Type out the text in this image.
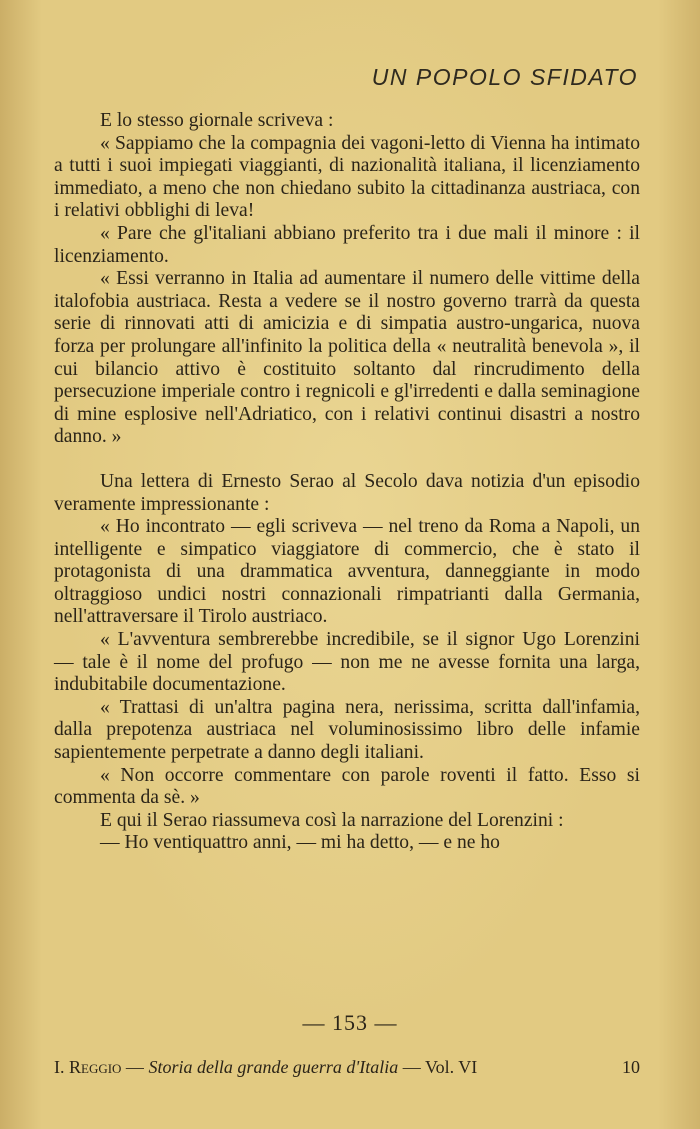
UN POPOLO SFIDATO

E lo stesso giornale scriveva :

« Sappiamo che la compagnia dei vagoni-letto di Vienna ha intimato a tutti i suoi impiegati viaggianti, di nazionalità italiana, il licenziamento immediato, a meno che non chiedano subito la cittadinanza austriaca, con i relativi obblighi di leva!

« Pare che gl'italiani abbiano preferito tra i due mali il minore : il licenziamento.

« Essi verranno in Italia ad aumentare il numero delle vittime della italofobia austriaca. Resta a vedere se il nostro governo trarrà da questa serie di rinnovati atti di amicizia e di simpatia austro-ungarica, nuova forza per prolungare all'infinito la politica della « neutralità benevola », il cui bilancio attivo è costituito soltanto dal rincrudimento della persecuzione imperiale contro i regnicoli e gl'irredenti e dalla seminagione di mine esplosive nell'Adriatico, con i relativi continui disastri a nostro danno. »

Una lettera di Ernesto Serao al Secolo dava notizia d'un episodio veramente impressionante :

« Ho incontrato — egli scriveva — nel treno da Roma a Napoli, un intelligente e simpatico viaggiatore di commercio, che è stato il protagonista di una drammatica avventura, danneggiante in modo oltraggioso undici nostri connazionali rimpatrianti dalla Germania, nell'attraversare il Tirolo austriaco.

« L'avventura sembrerebbe incredibile, se il signor Ugo Lorenzini — tale è il nome del profugo — non me ne avesse fornita una larga, indubitabile documentazione.

« Trattasi di un'altra pagina nera, nerissima, scritta dall'infamia, dalla prepotenza austriaca nel voluminosissimo libro delle infamie sapientemente perpetrate a danno degli italiani.

« Non occorre commentare con parole roventi il fatto. Esso si commenta da sè. »

E qui il Serao riassumeva così la narrazione del Lorenzini :

— Ho ventiquattro anni, — mi ha detto, — e ne ho

— 153 —
I. Reggio — Storia della grande guerra d'Italia — Vol. VI	10
